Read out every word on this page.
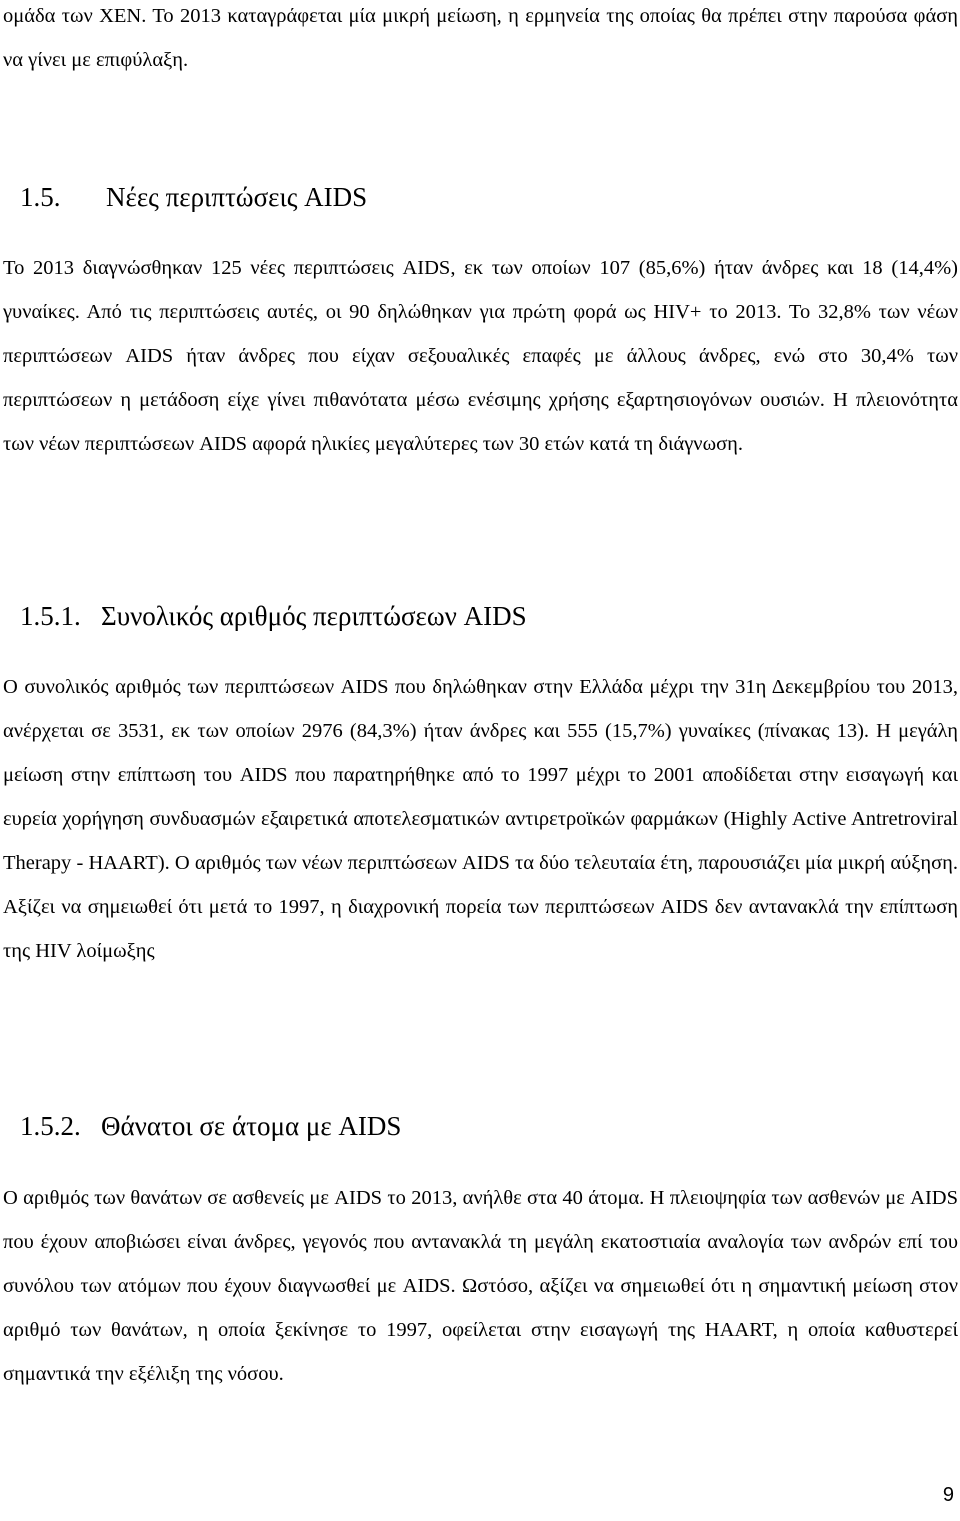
ομάδα των ΧΕΝ. Το 2013 καταγράφεται μία μικρή μείωση, η ερμηνεία της οποίας θα πρέπει στην παρούσα φάση να γίνει με επιφύλαξη.

1.5. Νέες περιπτώσεις AIDS

Το 2013 διαγνώσθηκαν 125 νέες περιπτώσεις AIDS, εκ των οποίων 107 (85,6%) ήταν άνδρες και 18 (14,4%) γυναίκες. Από τις περιπτώσεις αυτές, οι 90 δηλώθηκαν για πρώτη φορά ως HIV+ το 2013. Το 32,8% των νέων περιπτώσεων AIDS ήταν άνδρες που είχαν σεξουαλικές επαφές με άλλους άνδρες, ενώ στο 30,4% των περιπτώσεων η μετάδοση είχε γίνει πιθανότατα μέσω ενέσιμης χρήσης εξαρτησιογόνων ουσιών. Η πλειονότητα των νέων περιπτώσεων AIDS αφορά ηλικίες μεγαλύτερες των 30 ετών κατά τη διάγνωση.

1.5.1. Συνολικός αριθμός περιπτώσεων AIDS

Ο συνολικός αριθμός των περιπτώσεων AIDS που δηλώθηκαν στην Ελλάδα μέχρι την 31η Δεκεμβρίου του 2013, ανέρχεται σε 3531, εκ των οποίων 2976 (84,3%) ήταν άνδρες και 555 (15,7%) γυναίκες (πίνακας 13). Η μεγάλη μείωση στην επίπτωση του AIDS που παρατηρήθηκε από το 1997 μέχρι το 2001 αποδίδεται στην εισαγωγή και ευρεία χορήγηση συνδυασμών εξαιρετικά αποτελεσματικών αντιρετροϊκών φαρμάκων (Highly Active Antretroviral Therapy - HAART). Ο αριθμός των νέων περιπτώσεων AIDS τα δύο τελευταία έτη, παρουσιάζει μία μικρή αύξηση. Αξίζει να σημειωθεί ότι μετά το 1997, η διαχρονική πορεία των περιπτώσεων AIDS δεν αντανακλά την επίπτωση της HIV λοίμωξης

1.5.2. Θάνατοι σε άτομα με AIDS

Ο αριθμός των θανάτων σε ασθενείς με AIDS το 2013, ανήλθε στα 40 άτομα. Η πλειοψηφία των ασθενών με AIDS που έχουν αποβιώσει είναι άνδρες, γεγονός που αντανακλά τη μεγάλη εκατοστιαία αναλογία των ανδρών επί του συνόλου των ατόμων που έχουν διαγνωσθεί με AIDS. Ωστόσο, αξίζει να σημειωθεί ότι η σημαντική μείωση στον αριθμό των θανάτων, η οποία ξεκίνησε το 1997, οφείλεται στην εισαγωγή της HAART, η οποία καθυστερεί σημαντικά την εξέλιξη της νόσου.

9
